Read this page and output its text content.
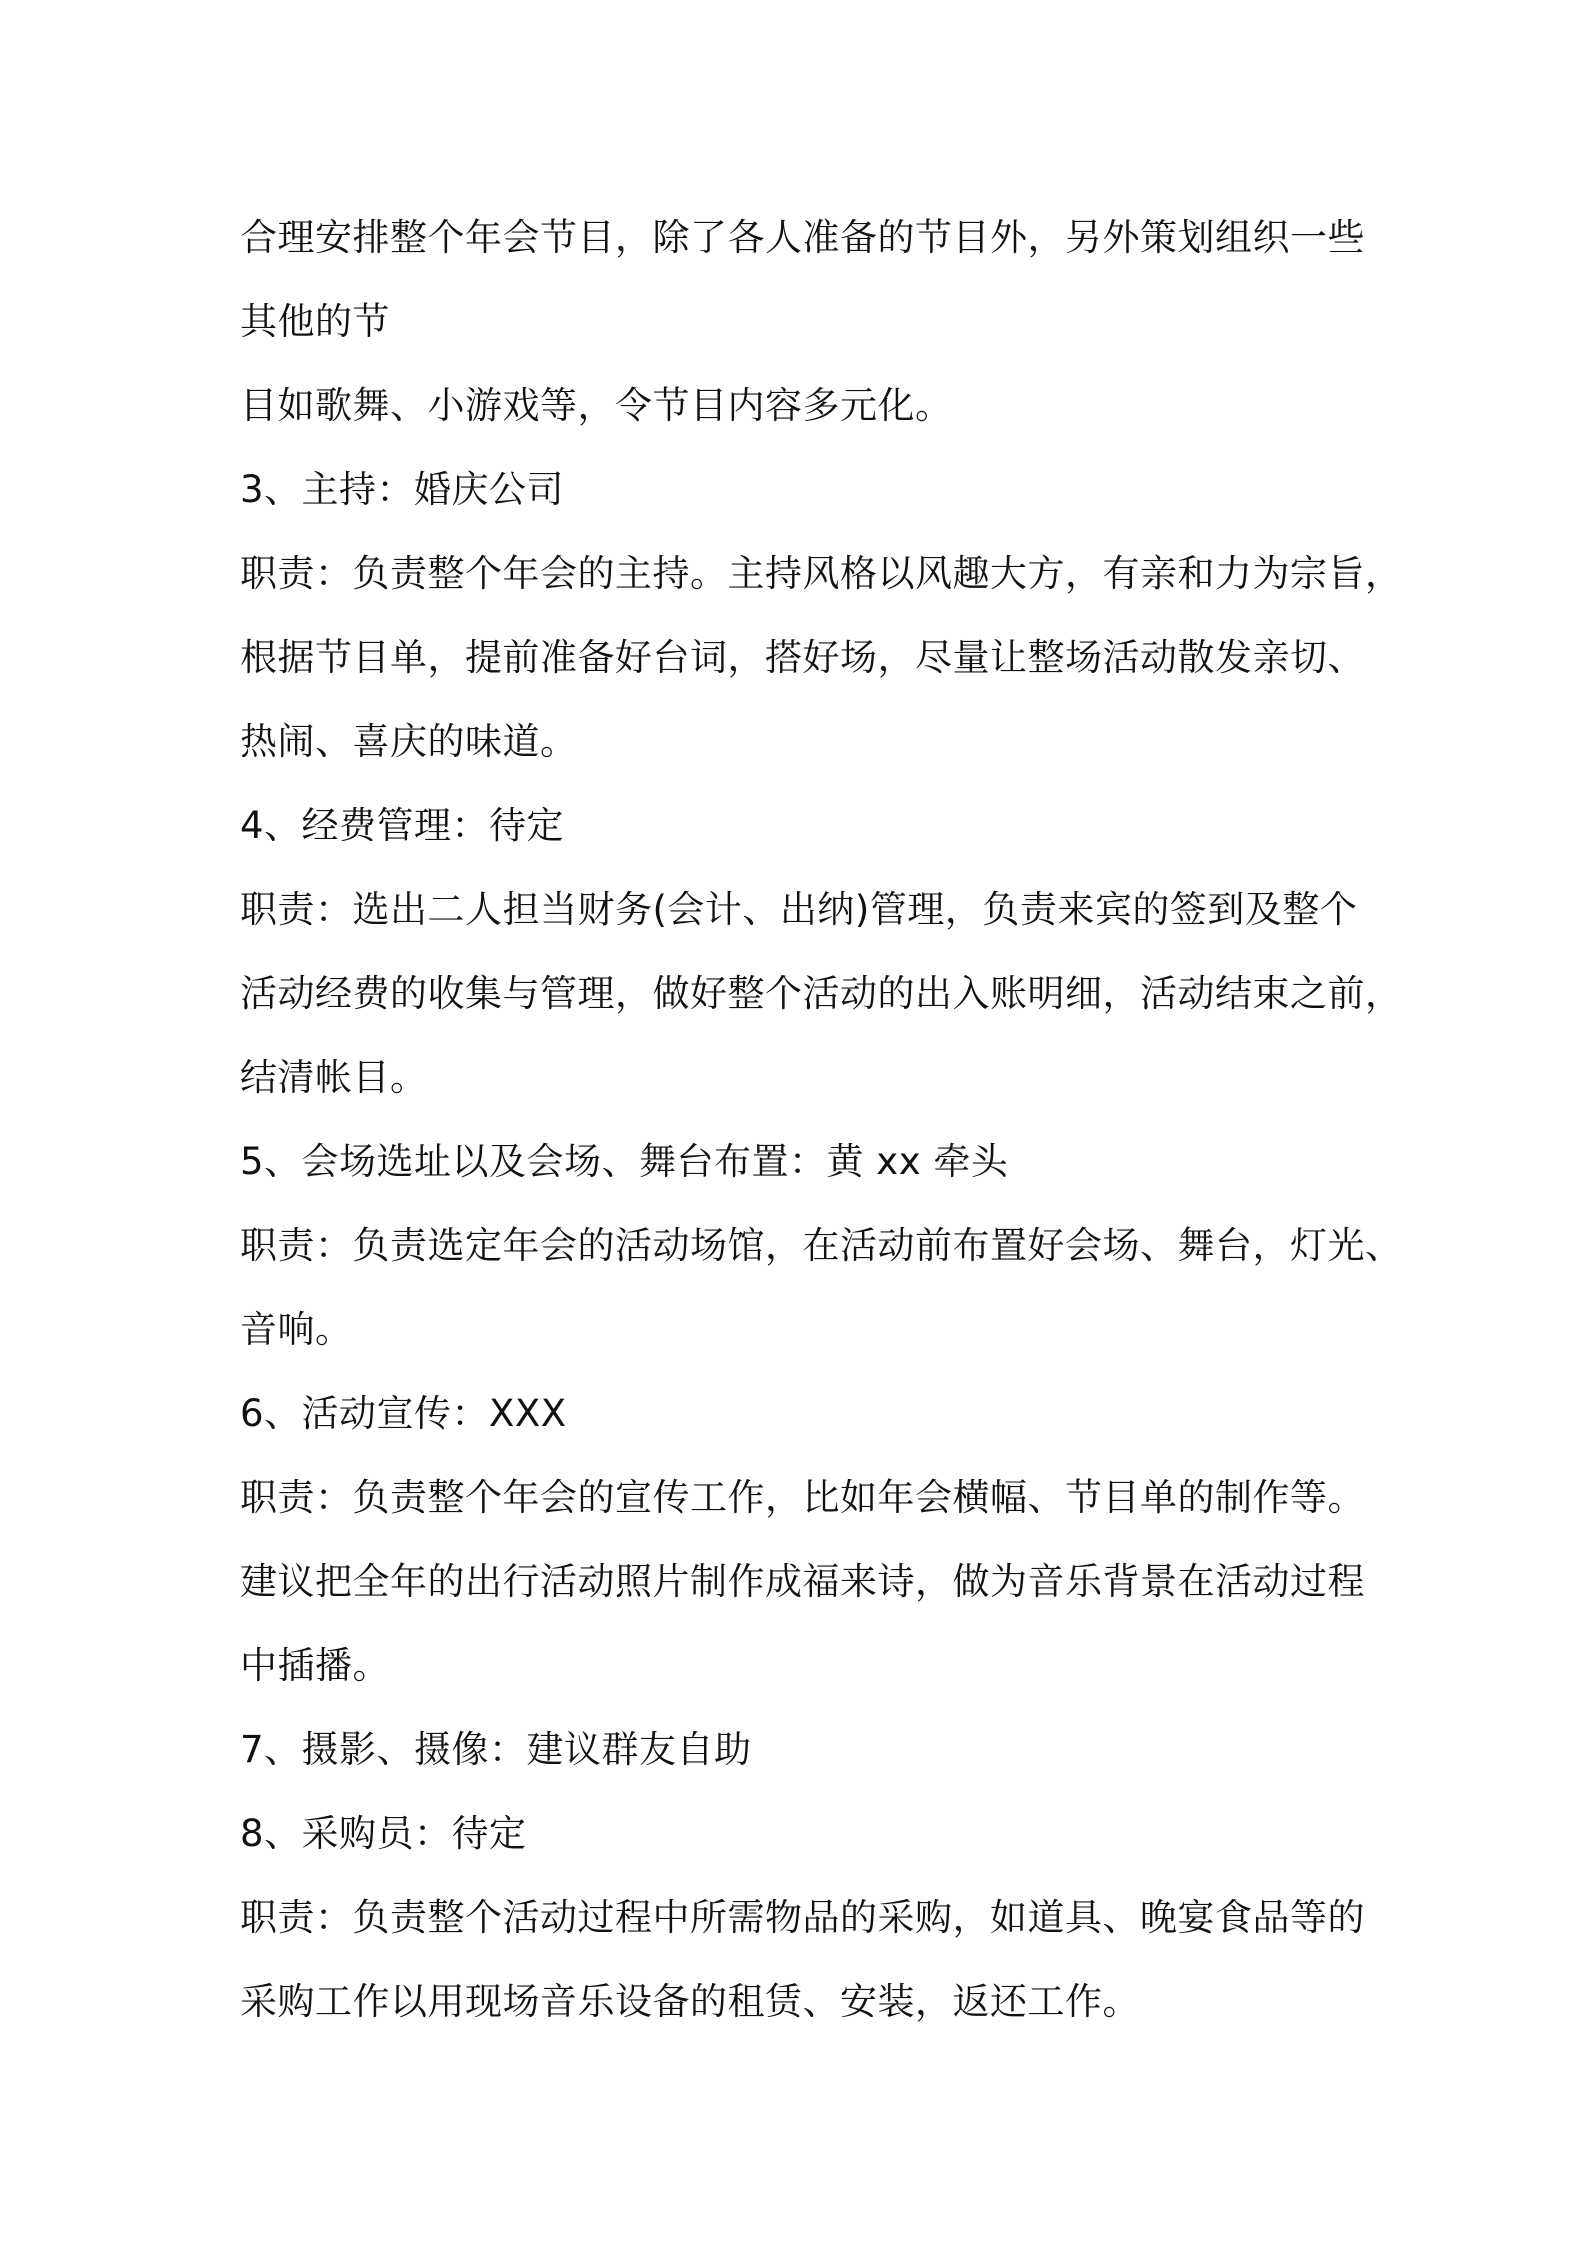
合理安排整个年会节目，除了各人准备的节目外，另外策划组织一些
其他的节
目如歌舞、小游戏等，令节目内容多元化。
3、主持：婚庆公司
职责：负责整个年会的主持。主持风格以风趣大方，有亲和力为宗旨，
根据节目单，提前准备好台词，搭好场，尽量让整场活动散发亲切、
热闹、喜庆的味道。
4、经费管理：待定
职责：选出二人担当财务(会计、出纳)管理，负责来宾的签到及整个
活动经费的收集与管理，做好整个活动的出入账明细，活动结束之前，
结清帐目。
5、会场选址以及会场、舞台布置：黄 xx 牵头
职责：负责选定年会的活动场馆，在活动前布置好会场、舞台，灯光、
音响。
6、活动宣传：XXX
职责：负责整个年会的宣传工作，比如年会横幅、节目单的制作等。
建议把全年的出行活动照片制作成福来诗，做为音乐背景在活动过程
中插播。
7、摄影、摄像：建议群友自助
8、采购员：待定
职责：负责整个活动过程中所需物品的采购，如道具、晚宴食品等的
采购工作以用现场音乐设备的租赁、安装，返还工作。
